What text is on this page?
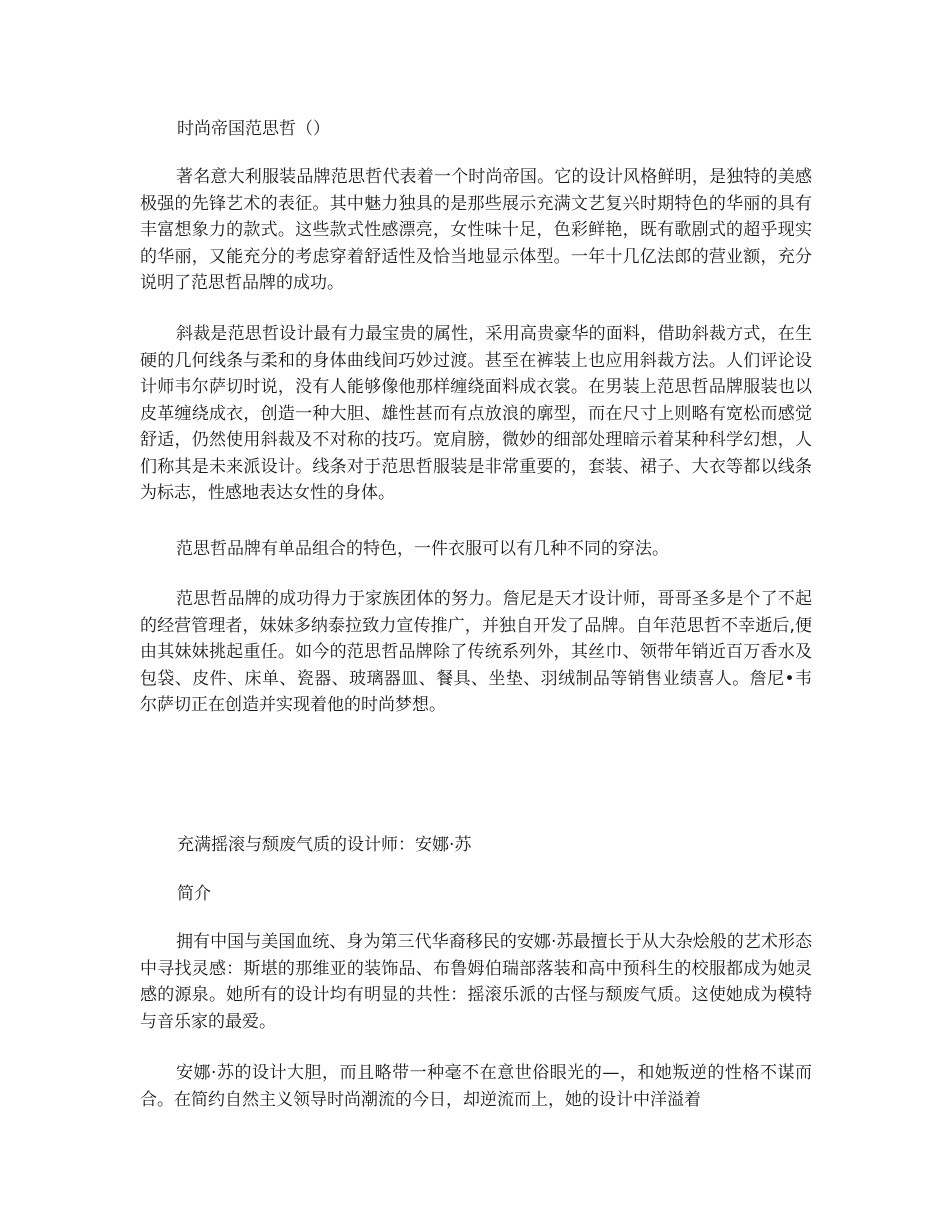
时尚帝国范思哲（）

著名意大利服装品牌范思哲代表着一个时尚帝国。它的设计风格鲜明，是独特的美感极强的先锋艺术的表征。其中魅力独具的是那些展示充满文艺复兴时期特色的华丽的具有丰富想象力的款式。这些款式性感漂亮，女性味十足，色彩鲜艳，既有歌剧式的超乎现实的华丽，又能充分的考虑穿着舒适性及恰当地显示体型。一年十几亿法郎的营业额，充分说明了范思哲品牌的成功。

斜裁是范思哲设计最有力最宝贵的属性，采用高贵豪华的面料，借助斜裁方式，在生硬的几何线条与柔和的身体曲线间巧妙过渡。甚至在裤装上也应用斜裁方法。人们评论设计师韦尔萨切时说，没有人能够像他那样缠绕面料成衣裳。在男装上范思哲品牌服装也以皮革缠绕成衣，创造一种大胆、雄性甚而有点放浪的廓型，而在尺寸上则略有宽松而感觉舒适，仍然使用斜裁及不对称的技巧。宽肩膀，微妙的细部处理暗示着某种科学幻想，人们称其是未来派设计。线条对于范思哲服装是非常重要的，套装、裙子、大衣等都以线条为标志，性感地表达女性的身体。

范思哲品牌有单品组合的特色，一件衣服可以有几种不同的穿法。

范思哲品牌的成功得力于家族团体的努力。詹尼是天才设计师，哥哥圣多是个了不起的经营管理者，妹妹多纳泰拉致力宣传推广，并独自开发了品牌。自年范思哲不幸逝后,便由其妹妹挑起重任。如今的范思哲品牌除了传统系列外，其丝巾、领带年销近百万香水及包袋、皮件、床单、瓷器、玻璃器皿、餐具、坐垫、羽绒制品等销售业绩喜人。詹尼•韦尔萨切正在创造并实现着他的时尚梦想。

充满摇滚与颓废气质的设计师：安娜·苏
简介

拥有中国与美国血统、身为第三代华裔移民的安娜·苏最擅长于从大杂烩般的艺术形态中寻找灵感：斯堪的那维亚的装饰品、布鲁姆伯瑞部落装和高中预科生的校服都成为她灵感的源泉。她所有的设计均有明显的共性：摇滚乐派的古怪与颓废气质。这使她成为模特与音乐家的最爱。

安娜·苏的设计大胆，而且略带一种毫不在意世俗眼光的—，和她叛逆的性格不谋而合。在简约自然主义领导时尚潮流的今日，却逆流而上，她的设计中洋溢着
